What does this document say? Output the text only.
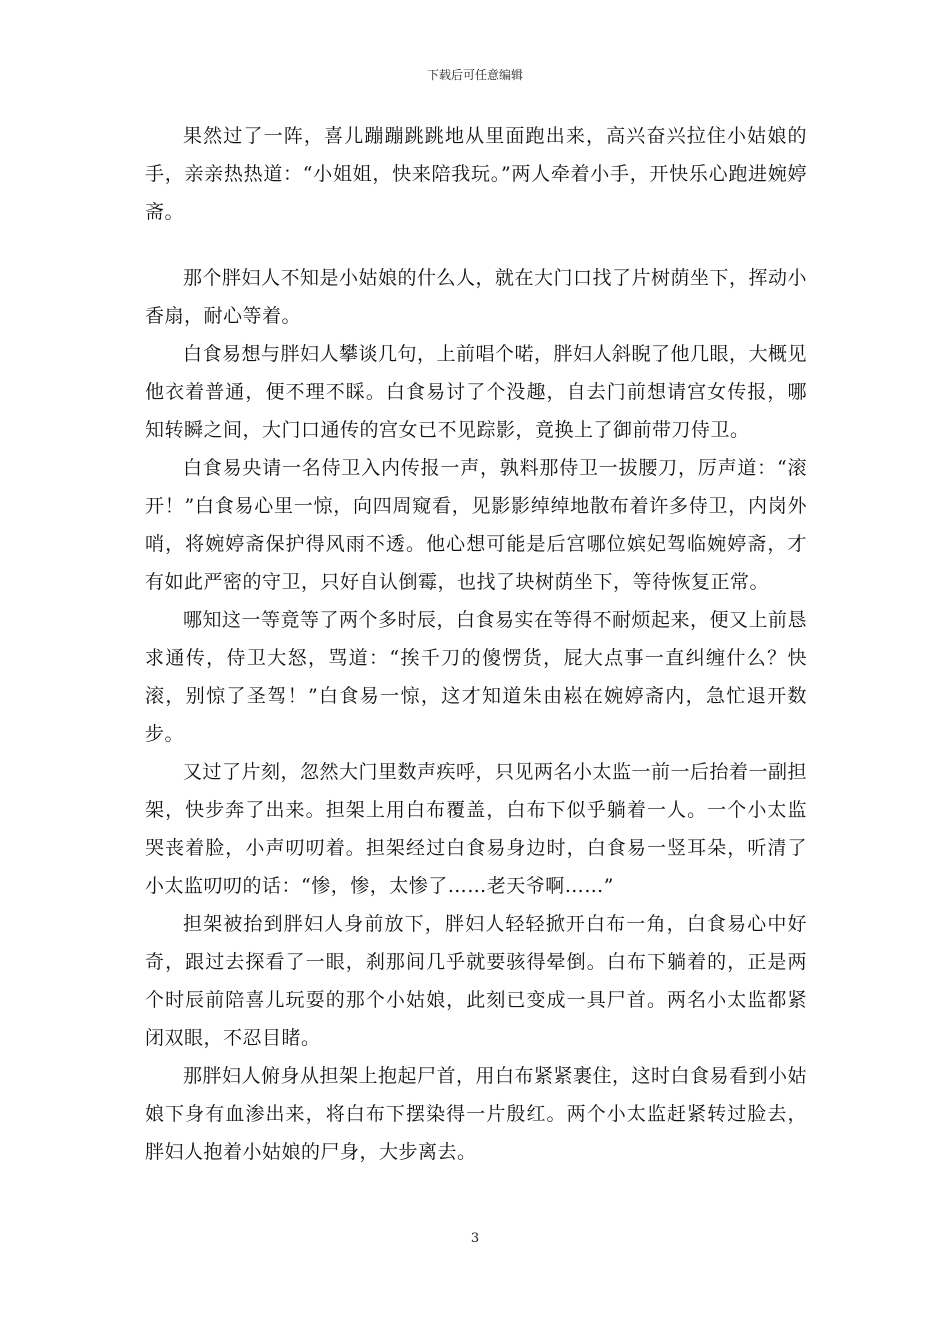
下载后可任意编辑

果然过了一阵，喜儿蹦蹦跳跳地从里面跑出来，高兴奋兴拉住小姑娘的手，亲亲热热道：“小姐姐，快来陪我玩。”两人牵着小手，开快乐心跑进婉婷斋。

那个胖妇人不知是小姑娘的什么人，就在大门口找了片树荫坐下，挥动小香扇，耐心等着。

白食易想与胖妇人攀谈几句，上前唱个喏，胖妇人斜睨了他几眼，大概见他衣着普通，便不理不睬。白食易讨了个没趣，自去门前想请宫女传报，哪知转瞬之间，大门口通传的宫女已不见踪影，竟换上了御前带刀侍卫。

白食易央请一名侍卫入内传报一声，孰料那侍卫一拔腰刀，厉声道：“滚开！”白食易心里一惊，向四周窥看，见影影绰绰地散布着许多侍卫，内岗外哨，将婉婷斋保护得风雨不透。他心想可能是后宫哪位嫔妃驾临婉婷斋，才有如此严密的守卫，只好自认倒霉，也找了块树荫坐下，等待恢复正常。

哪知这一等竟等了两个多时辰，白食易实在等得不耐烦起来，便又上前恳求通传，侍卫大怒，骂道：“挨千刀的傻愣货，屁大点事一直纠缠什么？快滚，别惊了圣驾！”白食易一惊，这才知道朱由崧在婉婷斋内，急忙退开数步。

又过了片刻，忽然大门里数声疾呼，只见两名小太监一前一后抬着一副担架，快步奔了出来。担架上用白布覆盖，白布下似乎躺着一人。一个小太监哭丧着脸，小声叨叨着。担架经过白食易身边时，白食易一竖耳朵，听清了小太监叨叨的话：“惨，惨，太惨了……老天爷啊……”

担架被抬到胖妇人身前放下，胖妇人轻轻掀开白布一角，白食易心中好奇，跟过去探看了一眼，刹那间几乎就要骇得晕倒。白布下躺着的，正是两个时辰前陪喜儿玩耍的那个小姑娘，此刻已变成一具尸首。两名小太监都紧闭双眼，不忍目睹。

那胖妇人俯身从担架上抱起尸首，用白布紧紧裹住，这时白食易看到小姑娘下身有血渗出来，将白布下摆染得一片殷红。两个小太监赶紧转过脸去，胖妇人抱着小姑娘的尸身，大步离去。

3
